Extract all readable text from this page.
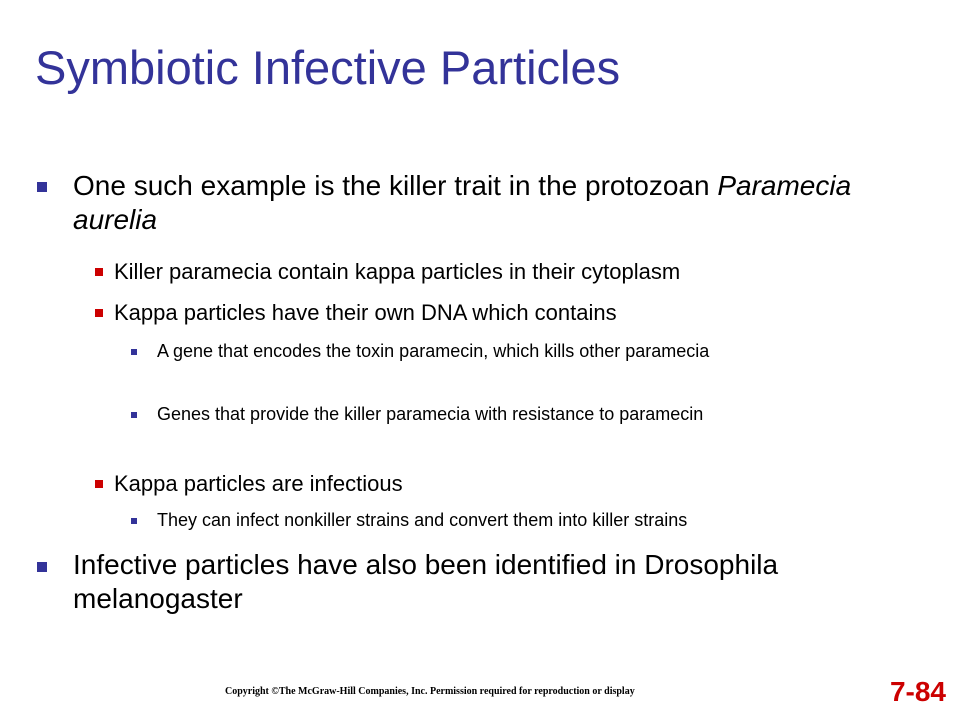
Symbiotic Infective Particles

One such example is the killer trait in the protozoan Paramecia aurelia

Killer paramecia contain kappa particles in their cytoplasm

Kappa particles have their own DNA which contains

A gene that encodes the toxin paramecin, which kills other paramecia

Genes that provide the killer paramecia with resistance to paramecin

Kappa particles are infectious

They can infect nonkiller strains and convert them into killer strains

Infective particles have also been identified in Drosophila melanogaster

Copyright ©The McGraw-Hill Companies, Inc. Permission required for reproduction or display	7-84
